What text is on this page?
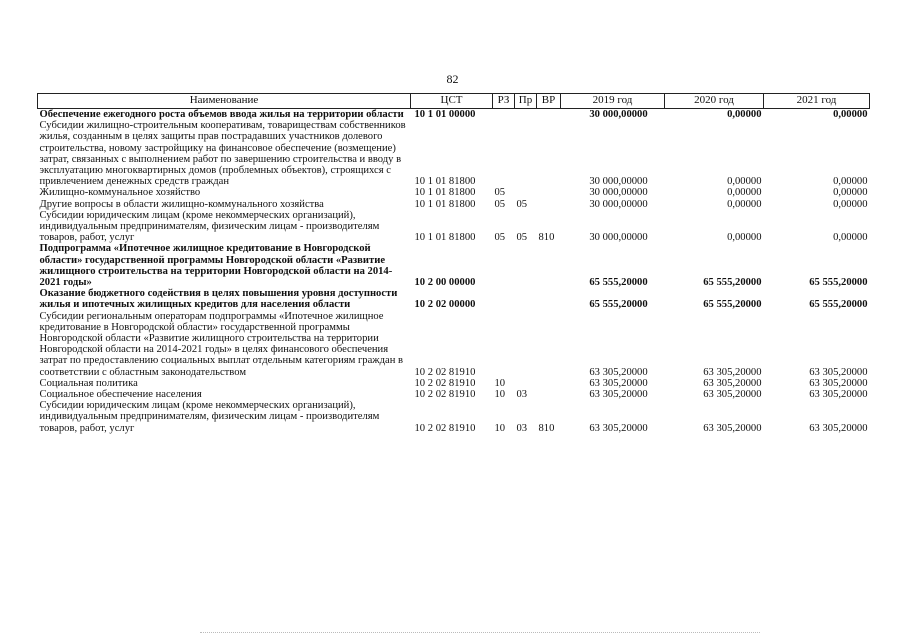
82
Наименование	ЦСТ	РЗ	Пр	ВР	2019 год	2020 год	2021 год
Обеспечение ежегодного роста объемов ввода жилья на территории области	10 1 01 00000				30 000,00000	0,00000	0,00000
Субсидии жилищно-строительным кооперативам, товариществам собственников жилья, созданным в целях защиты прав пострадавших участников долевого строительства, новому застройщику на финансовое обеспечение (возмещение) затрат, связанных с выполнением работ по завершению строительства и вводу в эксплуатацию многоквартирных домов (проблемных объектов), строящихся с привлечением денежных средств граждан	10 1 01 81800				30 000,00000	0,00000	0,00000
Жилищно-коммунальное хозяйство	10 1 01 81800	05			30 000,00000	0,00000	0,00000
Другие вопросы в области жилищно-коммунального хозяйства	10 1 01 81800	05	05		30 000,00000	0,00000	0,00000
Субсидии юридическим лицам (кроме некоммерческих организаций), индивидуальным предпринимателям, физическим лицам - производителям товаров, работ, услуг	10 1 01 81800	05	05	810	30 000,00000	0,00000	0,00000
Подпрограмма «Ипотечное жилищное кредитование в Новгородской области» государственной программы Новгородской области «Развитие жилищного строительства на территории Новгородской области на 2014-2021 годы»	10 2 00 00000				65 555,20000	65 555,20000	65 555,20000
Оказание бюджетного содействия в целях повышения уровня доступности жилья и ипотечных жилищных кредитов для населения области	10 2 02 00000				65 555,20000	65 555,20000	65 555,20000
Субсидии региональным операторам подпрограммы «Ипотечное жилищное кредитование в Новгородской области» государственной программы Новгородской области «Развитие жилищного строительства на территории Новгородской области на 2014-2021 годы» в целях финансового обеспечения затрат по предоставлению социальных выплат отдельным категориям граждан в соответствии с областным законодательством	10 2 02 81910				63 305,20000	63 305,20000	63 305,20000
Социальная политика	10 2 02 81910	10			63 305,20000	63 305,20000	63 305,20000
Социальное обеспечение населения	10 2 02 81910	10	03		63 305,20000	63 305,20000	63 305,20000
Субсидии юридическим лицам (кроме некоммерческих организаций), индивидуальным предпринимателям, физическим лицам - производителям товаров, работ, услуг	10 2 02 81910	10	03	810	63 305,20000	63 305,20000	63 305,20000
